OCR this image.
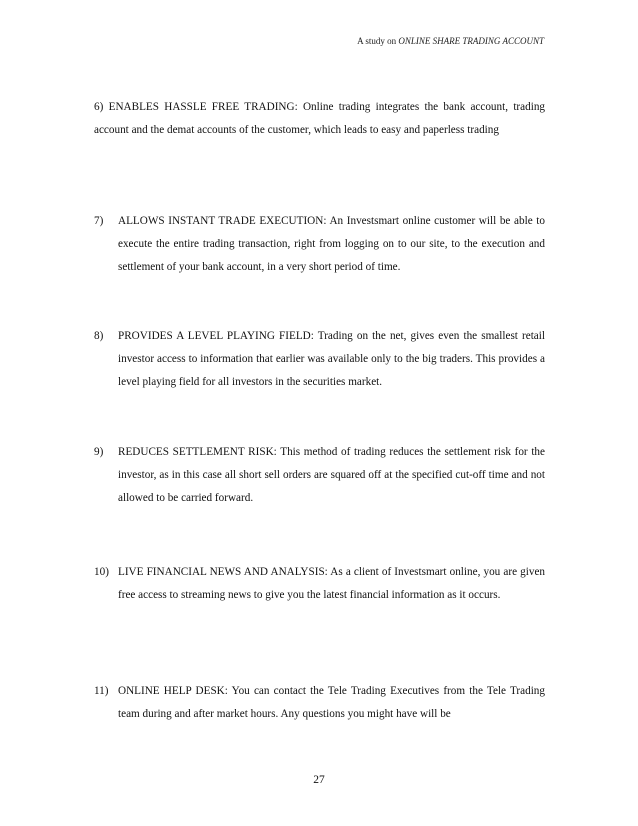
A study on ONLINE SHARE TRADING ACCOUNT
6) ENABLES HASSLE FREE TRADING: Online trading integrates the bank account, trading account and the demat accounts of the customer, which leads to easy and paperless trading
7)	ALLOWS INSTANT TRADE EXECUTION: An Investsmart online customer will be able to execute the entire trading transaction, right from logging on to our site, to the execution and settlement of your bank account, in a very short period of time.
8)	PROVIDES A LEVEL PLAYING FIELD: Trading on the net, gives even the smallest retail investor access to information that earlier was available only to the big traders. This provides a level playing field for all investors in the securities market.
9)	REDUCES SETTLEMENT RISK: This method of trading reduces the settlement risk for the investor, as in this case all short sell orders are squared off at the specified cut-off time and not allowed to be carried forward.
10) LIVE FINANCIAL NEWS AND ANALYSIS: As a client of Investsmart online, you are given free access to streaming news to give you the latest financial information as it occurs.
11) ONLINE HELP DESK: You can contact the Tele Trading Executives from the Tele Trading team during and after market hours. Any questions you might have will be
27
